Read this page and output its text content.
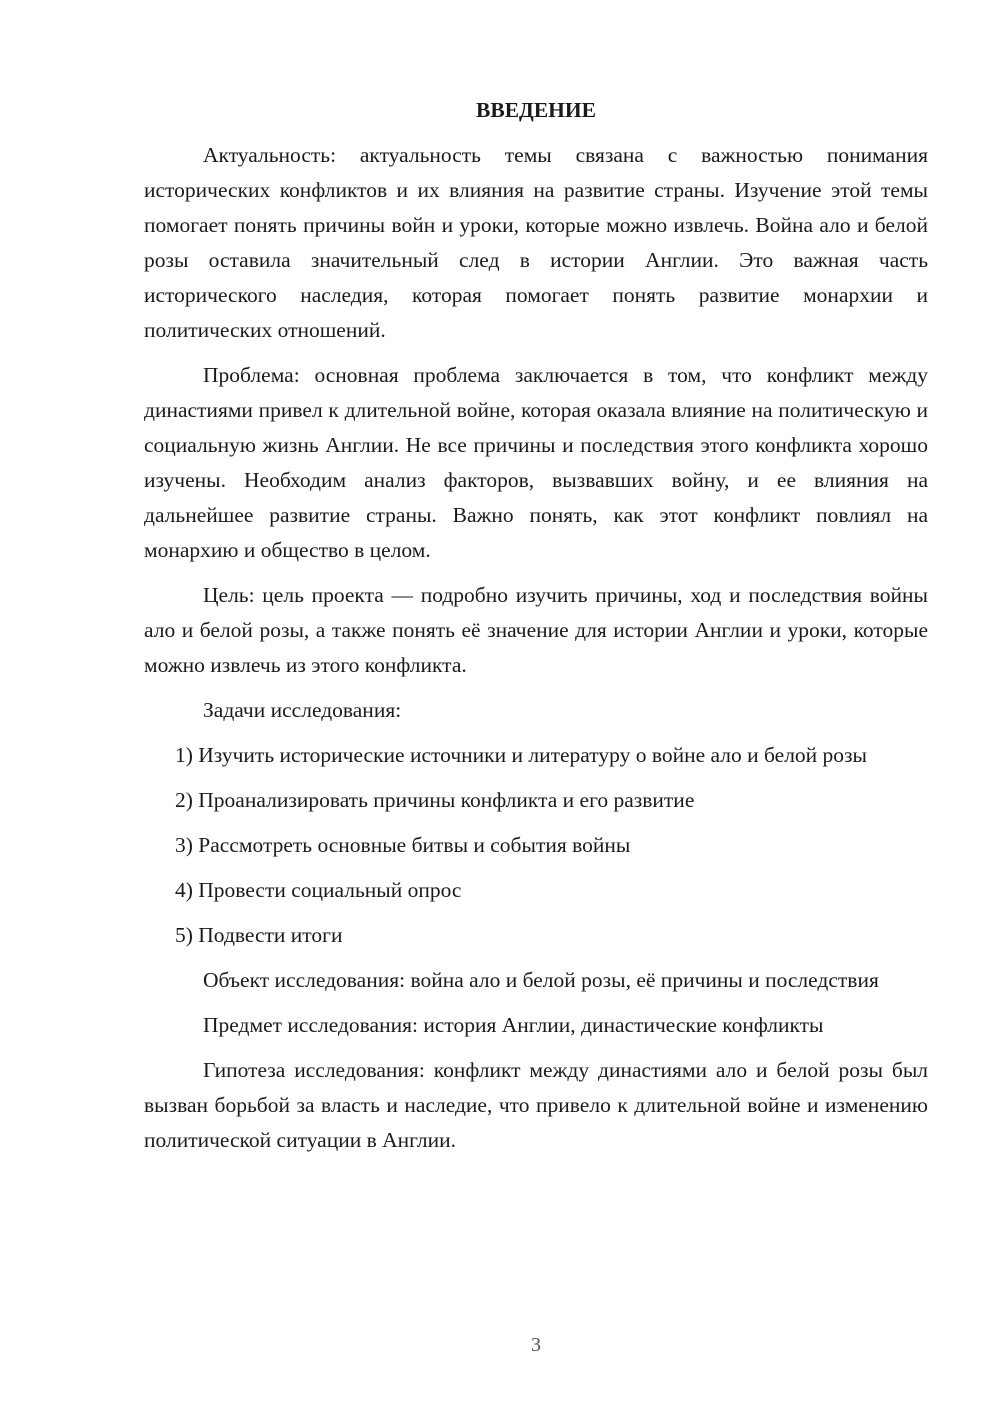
ВВЕДЕНИЕ

Актуальность: актуальность темы связана с важностью понимания исторических конфликтов и их влияния на развитие страны. Изучение этой темы помогает понять причины войн и уроки, которые можно извлечь. Война ало и белой розы оставила значительный след в истории Англии. Это важная часть исторического наследия, которая помогает понять развитие монархии и политических отношений.

Проблема: основная проблема заключается в том, что конфликт между династиями привел к длительной войне, которая оказала влияние на политическую и социальную жизнь Англии. Не все причины и последствия этого конфликта хорошо изучены. Необходим анализ факторов, вызвавших войну, и ее влияния на дальнейшее развитие страны. Важно понять, как этот конфликт повлиял на монархию и общество в целом.

Цель: цель проекта — подробно изучить причины, ход и последствия войны ало и белой розы, а также понять её значение для истории Англии и уроки, которые можно извлечь из этого конфликта.

Задачи исследования:

1) Изучить исторические источники и литературу о войне ало и белой розы

2) Проанализировать причины конфликта и его развитие

3) Рассмотреть основные битвы и события войны

4) Провести социальный опрос

5) Подвести итоги

Объект исследования: война ало и белой розы, её причины и последствия

Предмет исследования: история Англии, династические конфликты

Гипотеза исследования: конфликт между династиями ало и белой розы был вызван борьбой за власть и наследие, что привело к длительной войне и изменению политической ситуации в Англии.

3
